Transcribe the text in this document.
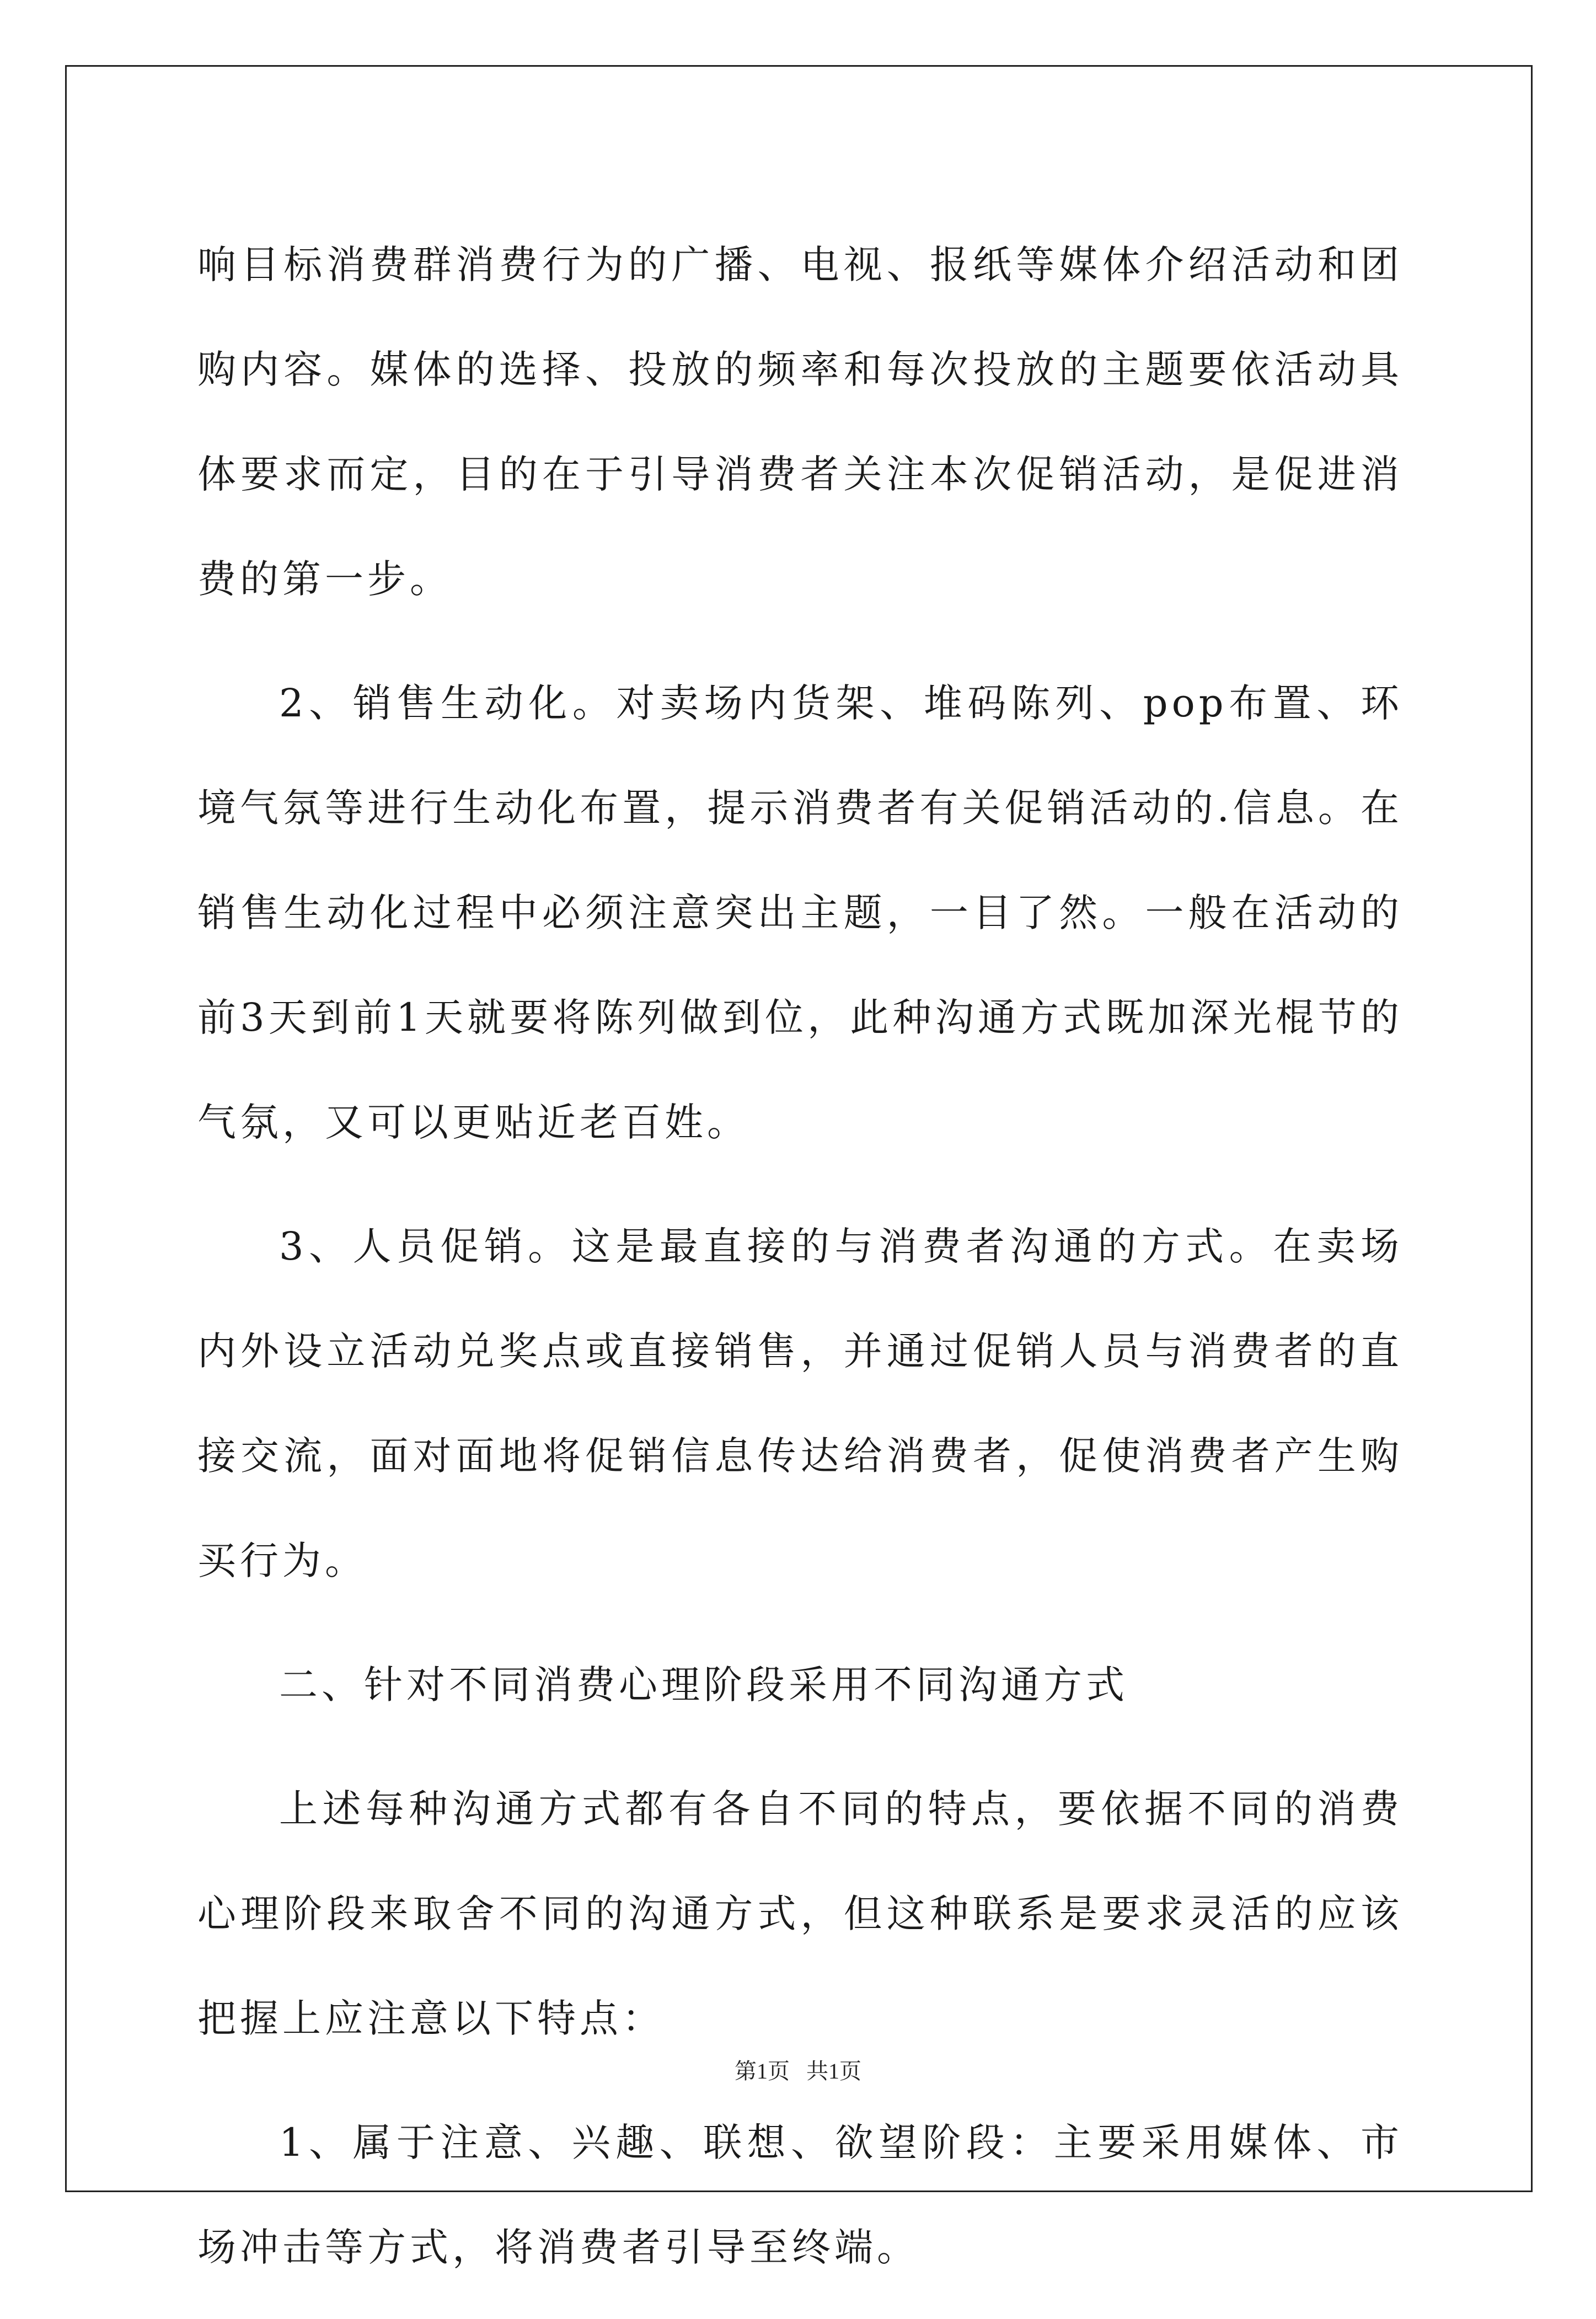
响目标消费群消费行为的广播、电视、报纸等媒体介绍活动和团购内容。媒体的选择、投放的频率和每次投放的主题要依活动具体要求而定，目的在于引导消费者关注本次促销活动，是促进消费的第一步。

2、销售生动化。对卖场内货架、堆码陈列、pop布置、环境气氛等进行生动化布置，提示消费者有关促销活动的.信息。在销售生动化过程中必须注意突出主题，一目了然。一般在活动的前3天到前1天就要将陈列做到位，此种沟通方式既加深光棍节的气氛，又可以更贴近老百姓。

3、人员促销。这是最直接的与消费者沟通的方式。在卖场内外设立活动兑奖点或直接销售，并通过促销人员与消费者的直接交流，面对面地将促销信息传达给消费者，促使消费者产生购买行为。

二、针对不同消费心理阶段采用不同沟通方式

上述每种沟通方式都有各自不同的特点，要依据不同的消费心理阶段来取舍不同的沟通方式，但这种联系是要求灵活的应该把握上应注意以下特点：

1、属于注意、兴趣、联想、欲望阶段：主要采用媒体、市场冲击等方式，将消费者引导至终端。

第1页   共1页
